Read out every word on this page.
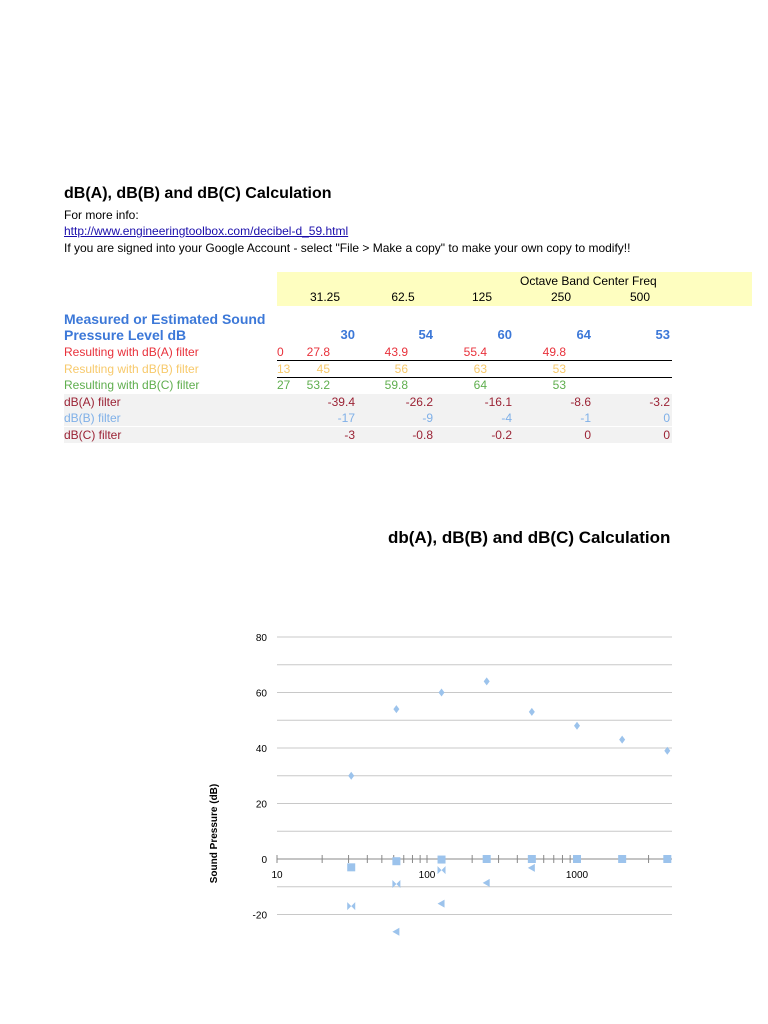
dB(A), dB(B) and dB(C) Calculation
For more info:
http://www.engineeringtoolbox.com/decibel-d_59.html
If you are signed into your Google Account - select "File > Make a copy" to make your own copy to modify!!
Octave Band Center Freq
31.25	62.5	125	250	500
Measured or Estimated Sound
Pressure Level dB	30	54	60	64	53
Resulting with dB(A) filter	0	27.8	43.9	55.4	49.8
Resulting with dB(B) filter	13	45	56	63	53
Resulting with dB(C) filter	27	53.2	59.8	64	53
dB(A) filter	-39.4	-26.2	-16.1	-8.6	-3.2
dB(B) filter	-17	-9	-4	-1	0
dB(C) filter	-3	-0.8	-0.2	0	0
db(A), dB(B) and dB(C) Calculation
Sound Pressure (dB)
80
60
40
20
0
-20
10	100	1000
